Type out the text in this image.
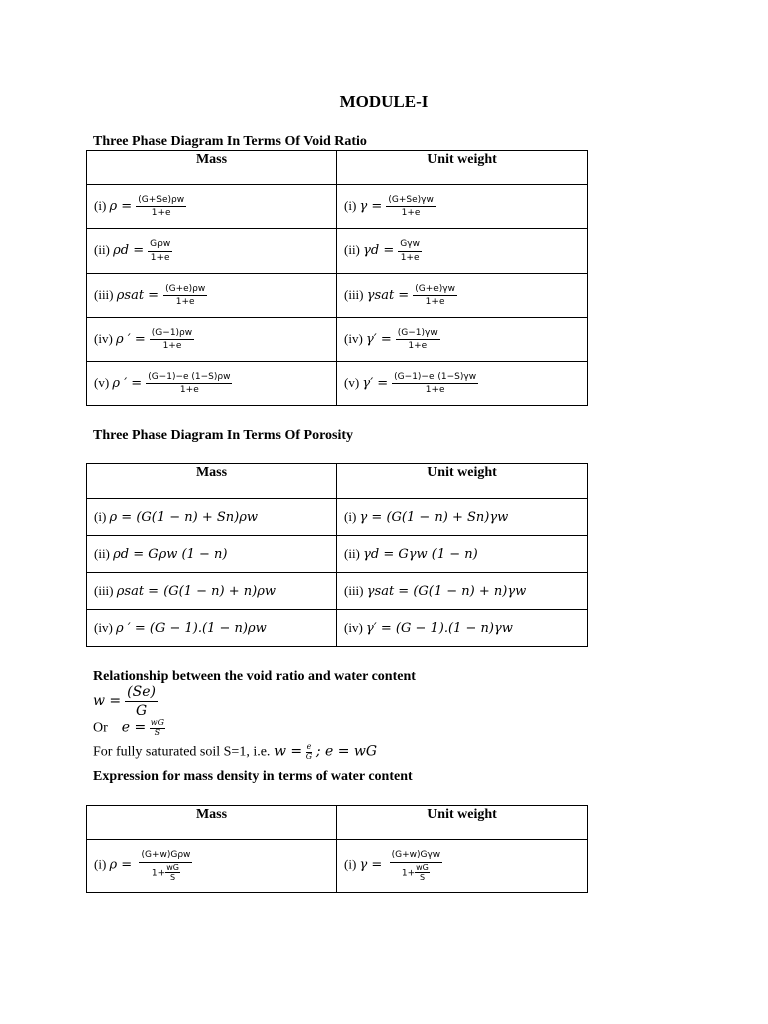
MODULE-I
Three Phase Diagram In Terms Of Void Ratio
Mass	Unit weight
(i) $\rho = \frac{(G+Se)\rho w}{1+e}$	(i) $\gamma = \frac{(G+Se)\gamma w}{1+e}$

(ii) $\rho d = \frac{\text{Gρw}}{1+e}$	(ii) $\gamma d = \frac{\text{Gγw}}{1+e}$

(iii) $\rho sat = \frac{(G+e)\rho w}{1+e}$	(iii) $\gamma sat = \frac{(G+e)\gamma w}{1+e}$

(iv) ρ ′ = $\frac{(G-1)\rho w}{1+e}$	(iv) $\gamma' = \frac{(G-1)\gamma w}{1+e}$

(v) ρ ′ = $\frac{(G-1)-e (1-S)\rho w}{1+e}$	(v) $\gamma' = \frac{(G-1)-e (1-S)\gamma w}{1+e}$
Three Phase Diagram In Terms Of Porosity
Mass	Unit weight
(i) ρ = (G(1 − n) + Sn)ρw	(i) γ = (G(1 − n) + Sn)γw
(ii) ρd = Gρw (1 − n)	(ii) γd = Gγw (1 − n)
(iii) ρsat = (G(1 − n) + n)ρw	(iii) γsat = (G(1 − n) + n)γw
(iv) ρ ′ = (G − 1).(1 − n)ρw	(iv) γ′ = (G − 1).(1 − n)γw
Relationship between the void ratio and water content
$w = \frac{(Se)}{G}$
Or $e = \frac{wG}{S}$
For fully saturated soil S=1, i.e. $w = \frac{e}{G}$ ; e = wG
Expression for mass density in terms of water content
Mass	Unit weight
(i) $\rho = \frac{\text{(G+w)Gρw}}{1+ \frac{wG}{S}}$	(i) $\gamma = \frac{\text{(G+w)Gγw}}{1+ \frac{wG}{S}}$
